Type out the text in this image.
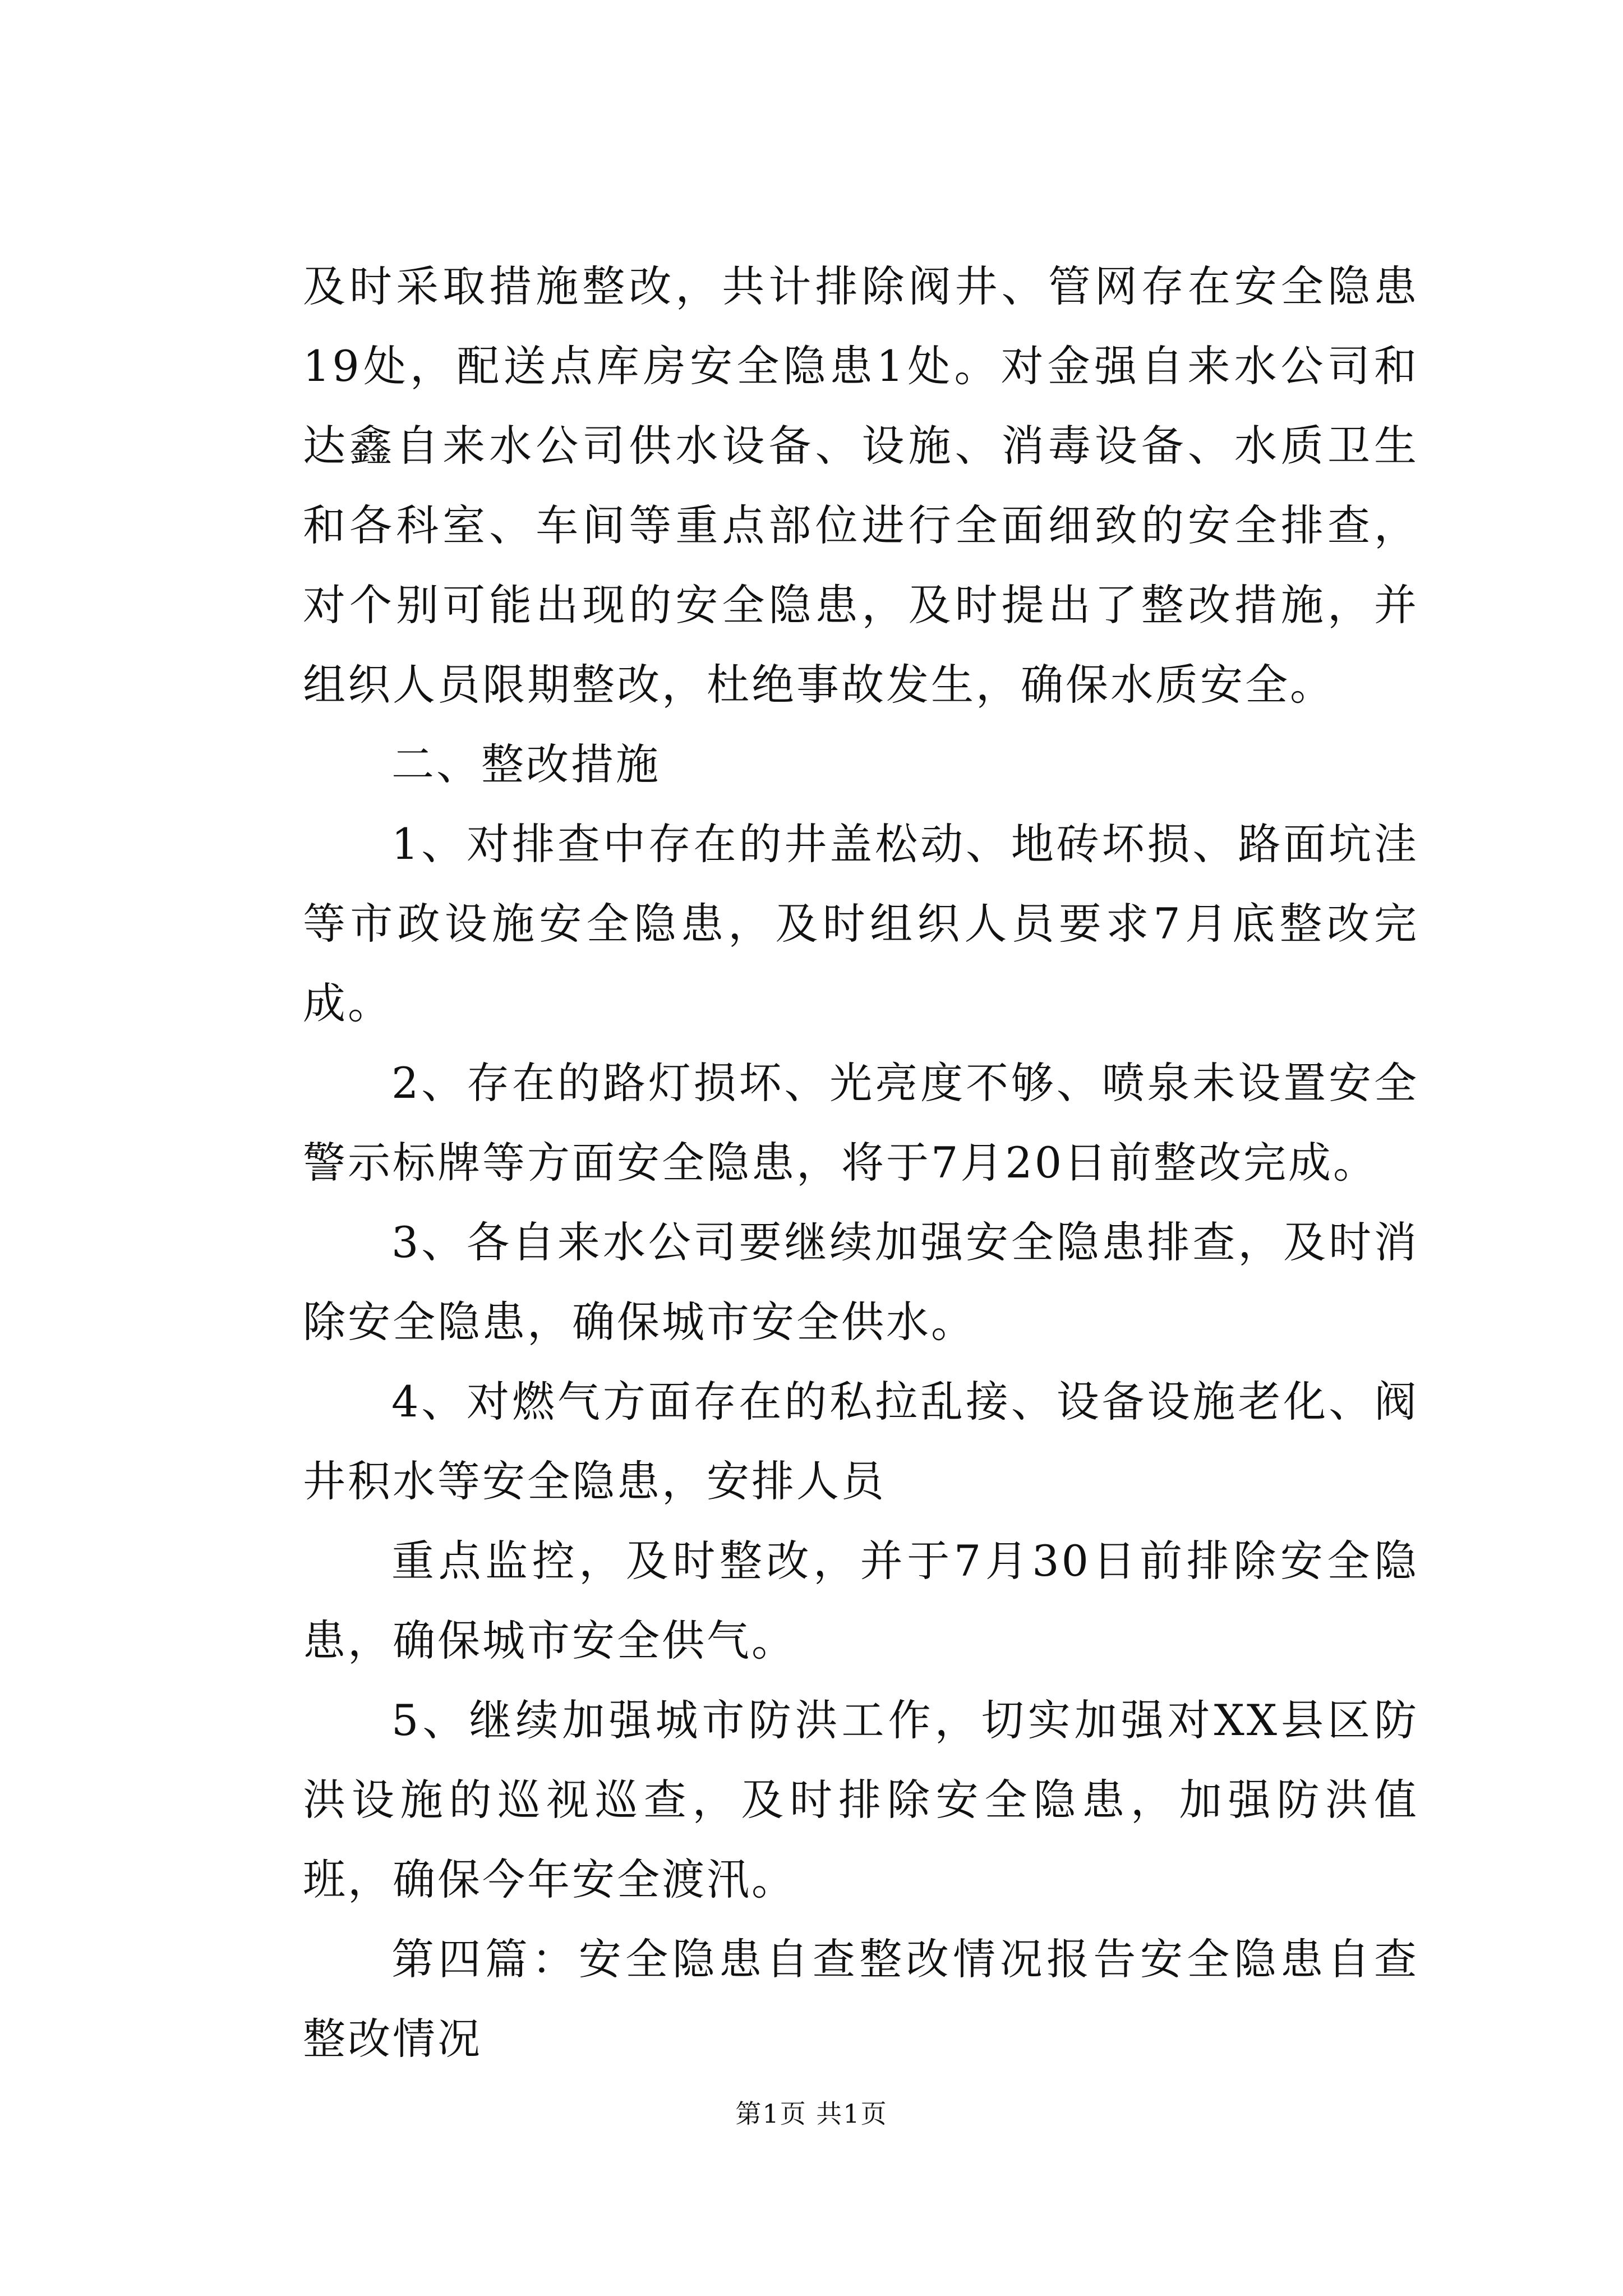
及时采取措施整改，共计排除阀井、管网存在安全隐患19处，配送点库房安全隐患1处。对金强自来水公司和达鑫自来水公司供水设备、设施、消毒设备、水质卫生和各科室、车间等重点部位进行全面细致的安全排查，对个别可能出现的安全隐患，及时提出了整改措施，并组织人员限期整改，杜绝事故发生，确保水质安全。

二、整改措施

1、对排查中存在的井盖松动、地砖坏损、路面坑洼等市政设施安全隐患，及时组织人员要求7月底整改完成。

2、存在的路灯损坏、光亮度不够、喷泉未设置安全警示标牌等方面安全隐患，将于7月20日前整改完成。

3、各自来水公司要继续加强安全隐患排查，及时消除安全隐患，确保城市安全供水。

4、对燃气方面存在的私拉乱接、设备设施老化、阀井积水等安全隐患，安排人员

重点监控，及时整改，并于7月30日前排除安全隐患，确保城市安全供气。

5、继续加强城市防洪工作，切实加强对XX县区防洪设施的巡视巡查，及时排除安全隐患，加强防洪值班，确保今年安全渡汛。

第四篇：安全隐患自查整改情况报告安全隐患自查整改情况

第1页 共1页
